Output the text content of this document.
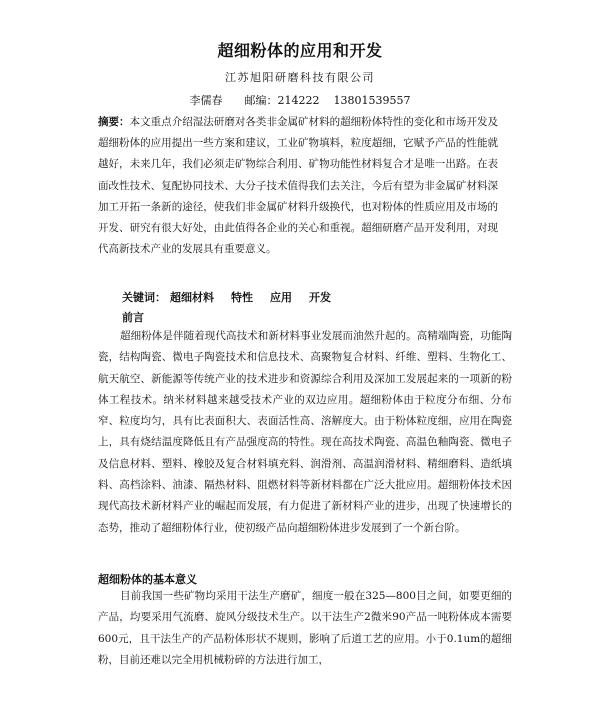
超细粉体的应用和开发
江苏旭阳研磨科技有限公司
李儒春 邮编：214222 13801539557
摘要：本文重点介绍湿法研磨对各类非金属矿材料的超细粉体特性的变化和市场开发及超细粉体的应用提出一些方案和建议，工业矿物填料，粒度超细，它赋予产品的性能就越好，未来几年，我们必须走矿物综合利用、矿物功能性材料复合才是唯一出路。在表面改性技术、复配协同技术、大分子技术值得我们去关注，今后有望为非金属矿材料深加工开拓一条新的途径，使我们非金属矿材料升级换代，也对粉体的性质应用及市场的开发、研究有很大好处，由此值得各企业的关心和重视。超细研磨产品开发利用，对现代高新技术产业的发展具有重要意义。
关键词： 超细材料 特性 应用 开发
前言
超细粉体是伴随着现代高技术和新材料事业发展而油然升起的。高精端陶瓷，功能陶瓷，结构陶瓷、微电子陶瓷技术和信息技术、高聚物复合材料、纤维、塑料、生物化工、航天航空、新能源等传统产业的技术进步和资源综合利用及深加工发展起来的一项新的粉体工程技术。纳米材料越来越受技术产业的双边应用。超细粉体由于粒度分布细、分布窄、粒度均匀，具有比表面积大、表面活性高、溶解度大。由于粉体粒度细，应用在陶瓷上，具有烧结温度降低且有产品强度高的特性。现在高技术陶瓷、高温色釉陶瓷、微电子及信息材料、塑料、橡胶及复合材料填充料、润滑剂、高温润滑材料、精细磨料、造纸填料、高档涂料、油漆、隔热材料、阻燃材料等新材料都在广泛大批应用。超细粉体技术因现代高技术新材料产业的崛起而发展，有力促进了新材料产业的进步，出现了快速增长的态势，推动了超细粉体行业，使初级产品向超细粉体进步发展到了一个新台阶。
超细粉体的基本意义
目前我国一些矿物均采用干法生产磨矿，细度一般在325—800目之间，如要更细的产品，均要采用气流磨、旋风分级技术生产。以干法生产2微米90产品一吨粉体成本需要600元，且干法生产的产品粉体形状不规则，影响了后道工艺的应用。小于0.1um的超细粉，目前还难以完全用机械粉碎的方法进行加工，
